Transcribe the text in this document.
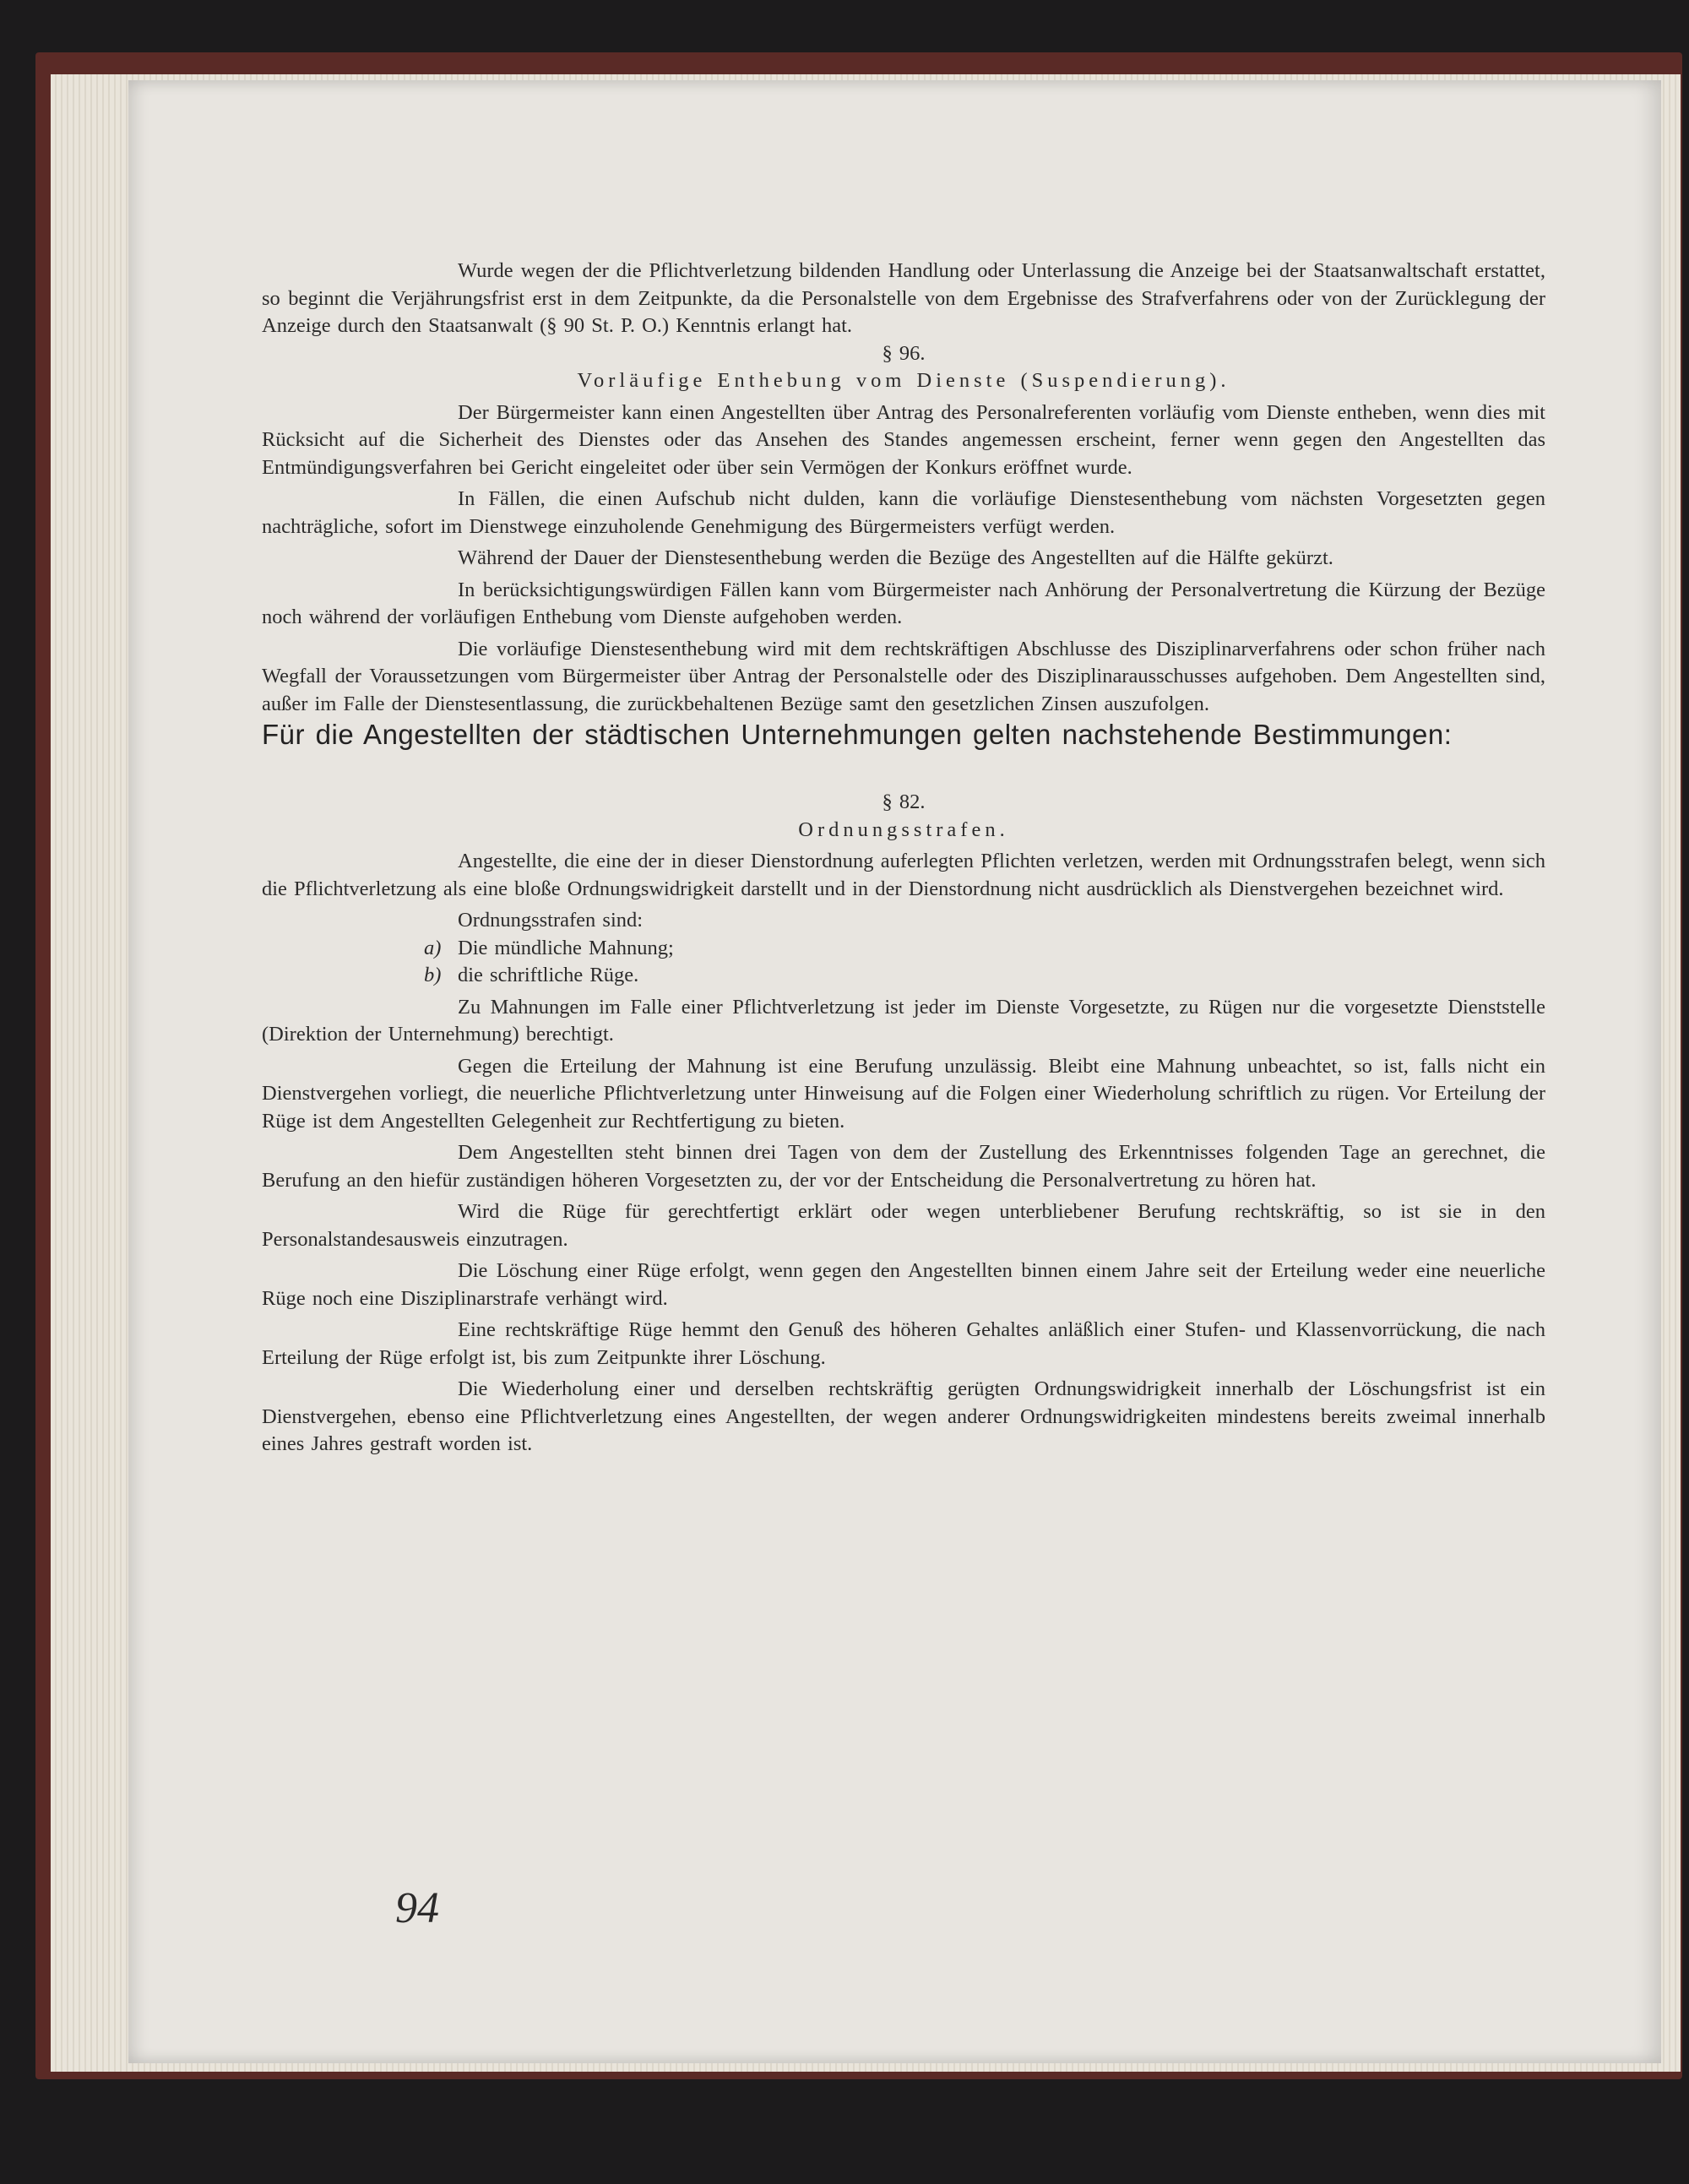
Wurde wegen der die Pflichtverletzung bildenden Handlung oder Unterlassung die Anzeige bei der Staatsanwaltschaft erstattet, so beginnt die Verjährungsfrist erst in dem Zeitpunkte, da die Personalstelle von dem Ergebnisse des Strafverfahrens oder von der Zurücklegung der Anzeige durch den Staatsanwalt (§ 90 St. P. O.) Kenntnis erlangt hat.

§ 96.

Vorläufige Enthebung vom Dienste (Suspendierung).

Der Bürgermeister kann einen Angestellten über Antrag des Personalreferenten vorläufig vom Dienste entheben, wenn dies mit Rücksicht auf die Sicherheit des Dienstes oder das Ansehen des Standes angemessen erscheint, ferner wenn gegen den Angestellten das Entmündigungsverfahren bei Gericht eingeleitet oder über sein Vermögen der Konkurs eröffnet wurde.

In Fällen, die einen Aufschub nicht dulden, kann die vorläufige Dienstesenthebung vom nächsten Vorgesetzten gegen nachträgliche, sofort im Dienstwege einzuholende Genehmigung des Bürgermeisters verfügt werden.

Während der Dauer der Dienstesenthebung werden die Bezüge des Angestellten auf die Hälfte gekürzt.

In berücksichtigungswürdigen Fällen kann vom Bürgermeister nach Anhörung der Personalvertretung die Kürzung der Bezüge noch während der vorläufigen Enthebung vom Dienste aufgehoben werden.

Die vorläufige Dienstesenthebung wird mit dem rechtskräftigen Abschlusse des Disziplinarverfahrens oder schon früher nach Wegfall der Voraussetzungen vom Bürgermeister über Antrag der Personalstelle oder des Disziplinarausschusses aufgehoben. Dem Angestellten sind, außer im Falle der Dienstesentlassung, die zurückbehaltenen Bezüge samt den gesetzlichen Zinsen auszufolgen.

Für die Angestellten der städtischen Unternehmungen gelten nachstehende Bestimmungen:

§ 82.

Ordnungsstrafen.

Angestellte, die eine der in dieser Dienstordnung auferlegten Pflichten verletzen, werden mit Ordnungsstrafen belegt, wenn sich die Pflichtverletzung als eine bloße Ordnungswidrigkeit darstellt und in der Dienstordnung nicht ausdrücklich als Dienstvergehen bezeichnet wird.

Ordnungsstrafen sind:

a) Die mündliche Mahnung;

b) die schriftliche Rüge.

Zu Mahnungen im Falle einer Pflichtverletzung ist jeder im Dienste Vorgesetzte, zu Rügen nur die vorgesetzte Dienststelle (Direktion der Unternehmung) berechtigt.

Gegen die Erteilung der Mahnung ist eine Berufung unzulässig. Bleibt eine Mahnung unbeachtet, so ist, falls nicht ein Dienstvergehen vorliegt, die neuerliche Pflichtverletzung unter Hinweisung auf die Folgen einer Wiederholung schriftlich zu rügen. Vor Erteilung der Rüge ist dem Angestellten Gelegenheit zur Rechtfertigung zu bieten.

Dem Angestellten steht binnen drei Tagen von dem der Zustellung des Erkenntnisses folgenden Tage an gerechnet, die Berufung an den hiefür zuständigen höheren Vorgesetzten zu, der vor der Entscheidung die Personalvertretung zu hören hat.

Wird die Rüge für gerechtfertigt erklärt oder wegen unterbliebener Berufung rechtskräftig, so ist sie in den Personalstandesausweis einzutragen.

Die Löschung einer Rüge erfolgt, wenn gegen den Angestellten binnen einem Jahre seit der Erteilung weder eine neuerliche Rüge noch eine Disziplinarstrafe verhängt wird.

Eine rechtskräftige Rüge hemmt den Genuß des höheren Gehaltes anläßlich einer Stufen- und Klassenvorrückung, die nach Erteilung der Rüge erfolgt ist, bis zum Zeitpunkte ihrer Löschung.

Die Wiederholung einer und derselben rechtskräftig gerügten Ordnungswidrigkeit innerhalb der Löschungsfrist ist ein Dienstvergehen, ebenso eine Pflichtverletzung eines Angestellten, der wegen anderer Ordnungswidrigkeiten mindestens bereits zweimal innerhalb eines Jahres gestraft worden ist.

94
